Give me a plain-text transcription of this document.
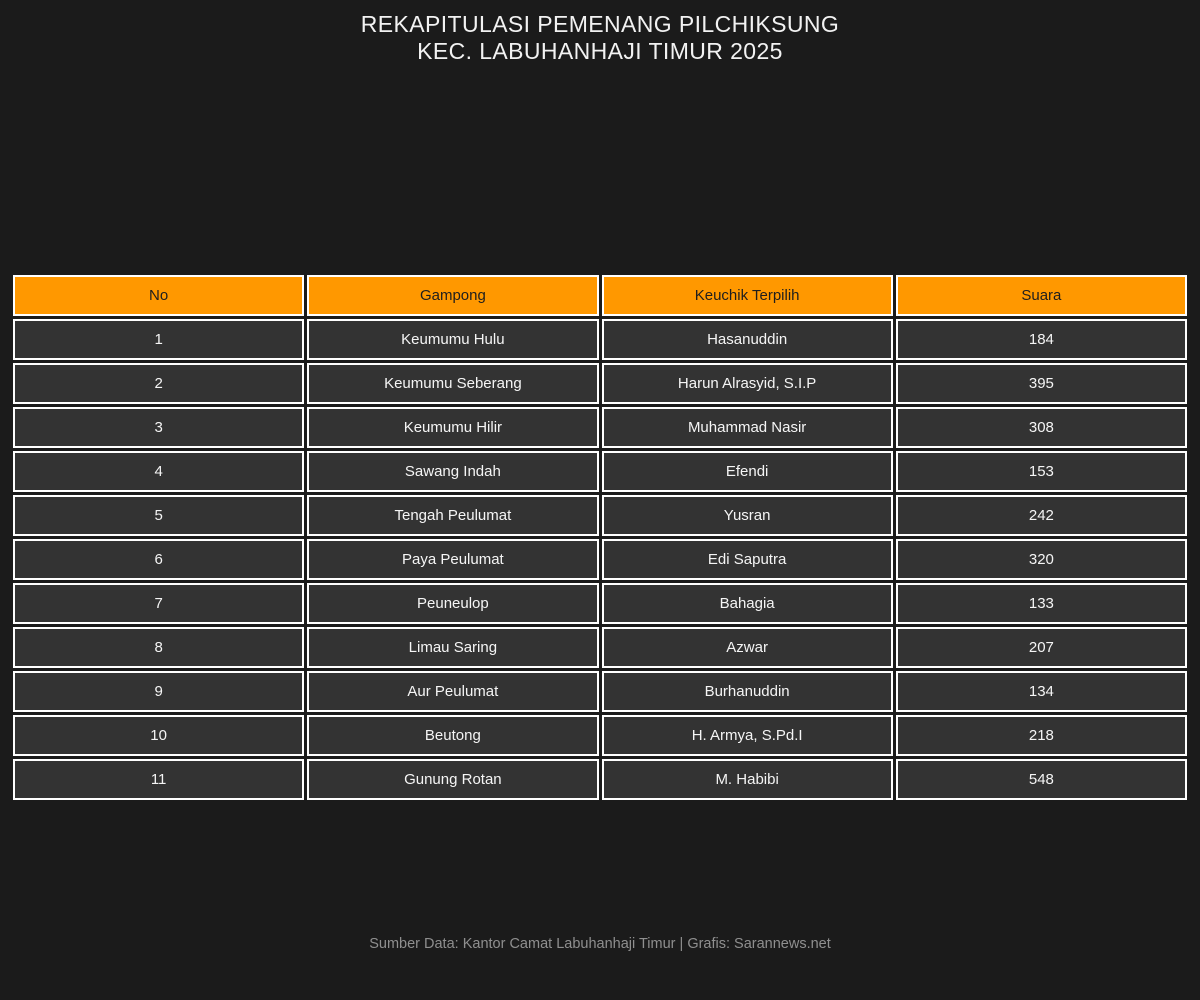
REKAPITULASI PEMENANG PILCHIKSUNG
KEC. LABUHANHAJI TIMUR 2025
No	Gampong	Keuchik Terpilih	Suara
1	Keumumu Hulu	Hasanuddin	184
2	Keumumu Seberang	Harun Alrasyid, S.I.P	395
3	Keumumu Hilir	Muhammad Nasir	308
4	Sawang Indah	Efendi	153
5	Tengah Peulumat	Yusran	242
6	Paya Peulumat	Edi Saputra	320
7	Peuneulop	Bahagia	133
8	Limau Saring	Azwar	207
9	Aur Peulumat	Burhanuddin	134
10	Beutong	H. Armya, S.Pd.I	218
11	Gunung Rotan	M. Habibi	548
Sumber Data: Kantor Camat Labuhanhaji Timur | Grafis: Sarannews.net
